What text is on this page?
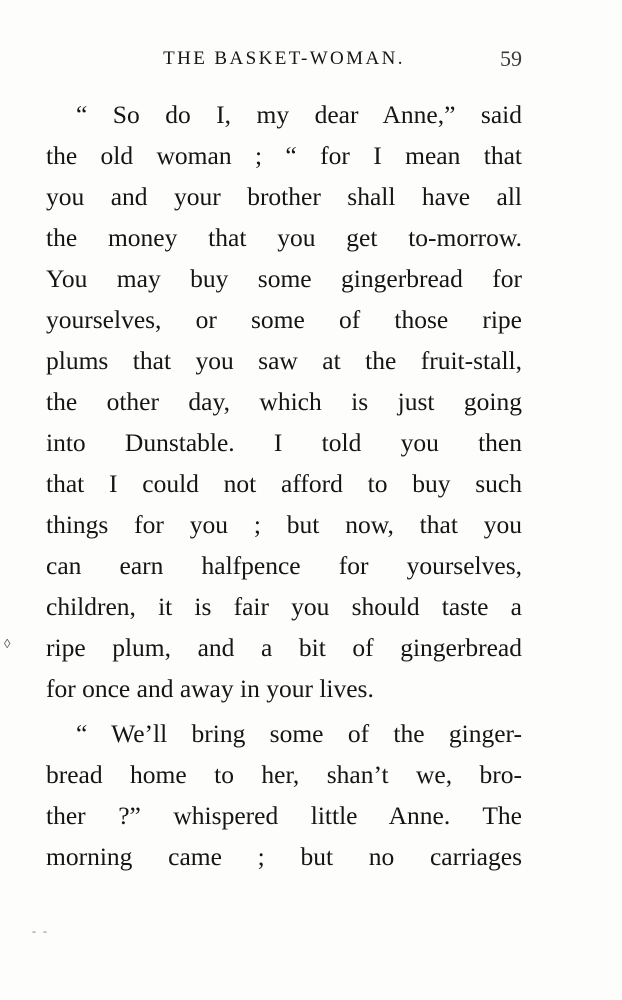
THE BASKET-WOMAN.	59
“ So do I, my dear Anne,” said
the old woman ; “ for I mean that
you and your brother shall have all
the money that you get to-morrow.
You may buy some gingerbread for
yourselves, or some of those ripe
plums that you saw at the fruit-stall,
the other day, which is just going
into Dunstable. I told you then
that I could not afford to buy such
things for you ; but now, that you
can earn halfpence for yourselves,
children, it is fair you should taste a
ripe plum, and a bit of gingerbread
for once and away in your lives.
“ We’ll bring some of the ginger-
bread home to her, shan’t we, bro-
ther ?” whispered little Anne. The
morning came ; but no carriages
◊
- -
